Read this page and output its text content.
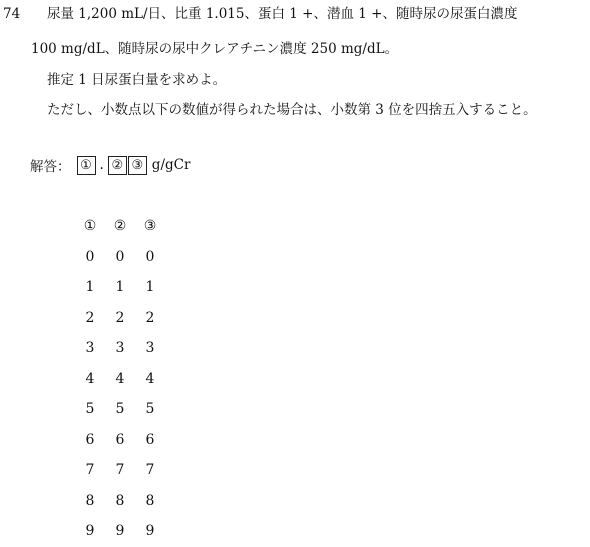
74 尿量 1,200 mL/日、比重 1.015、蛋白 1 +、潜血 1 +、随時尿の尿蛋白濃度
100 mg/dL、随時尿の尿中クレアチニン濃度 250 mg/dL。
推定 1 日尿蛋白量を求めよ。
ただし、小数点以下の数値が得られた場合は、小数第 3 位を四捨五入すること。
解答： ① . ② ③ g/gCr
①	②	③
0	0	0
1	1	1
2	2	2
3	3	3
4	4	4
5	5	5
6	6	6
7	7	7
8	8	8
9	9	9
